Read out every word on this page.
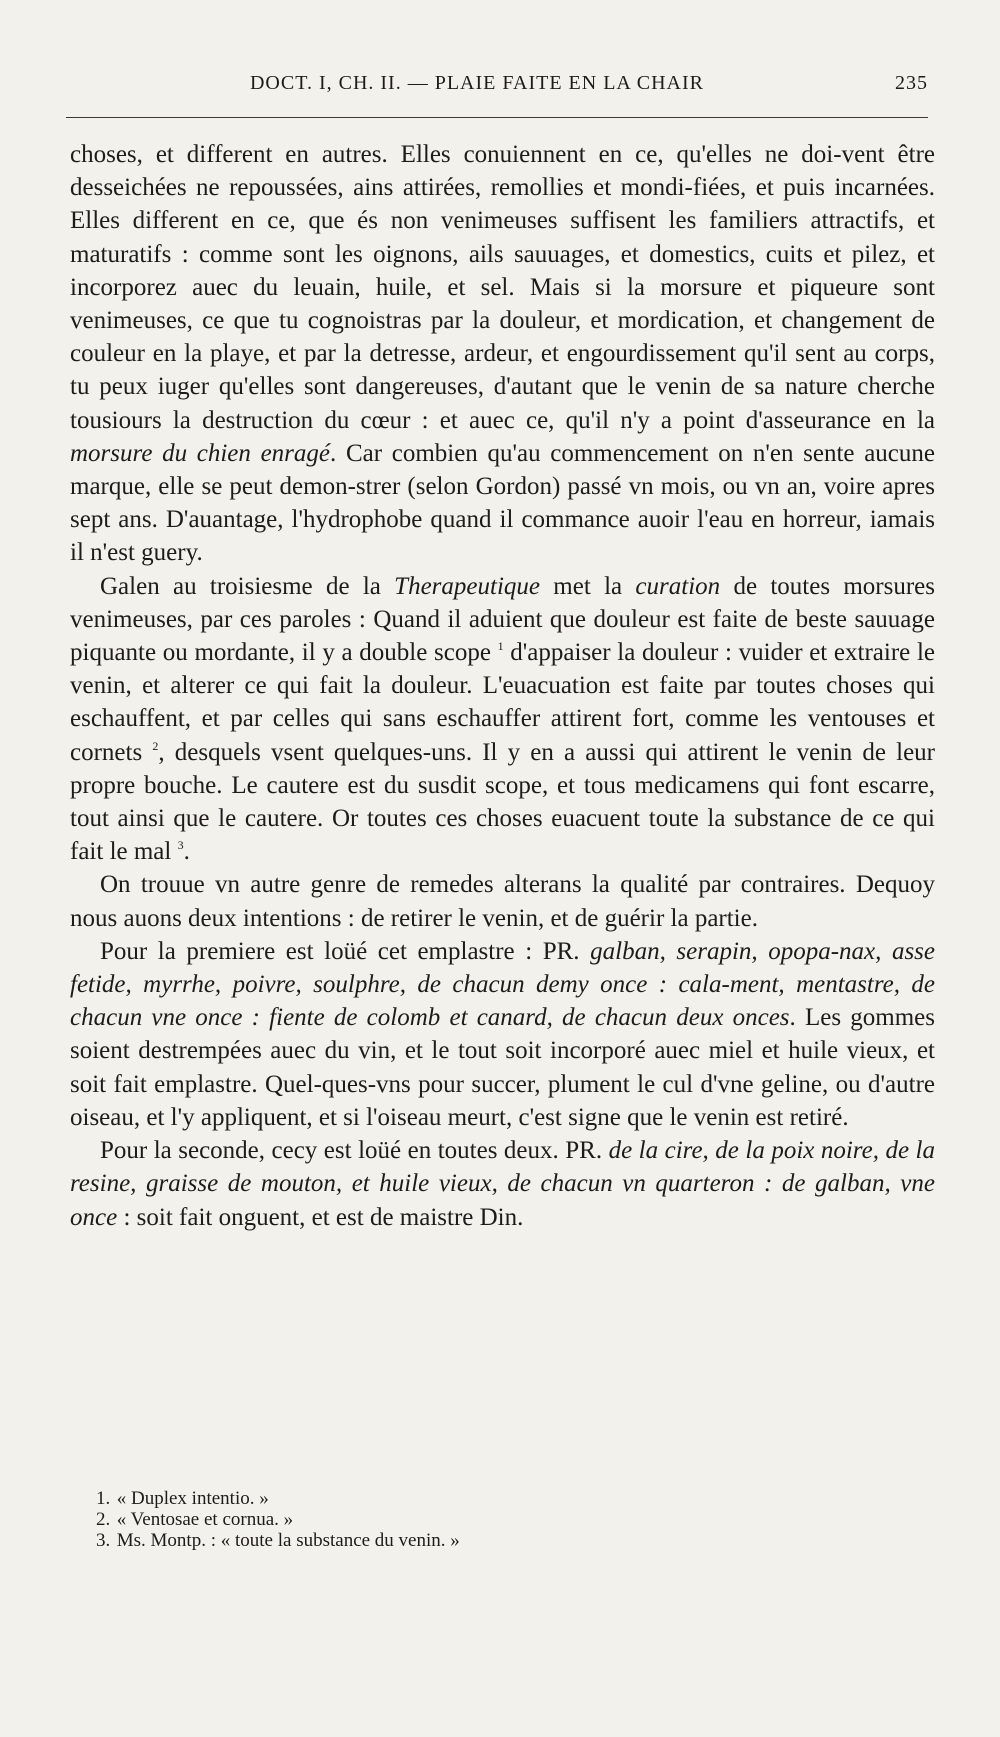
DOCT. I, CH. II. — PLAIE FAITE EN LA CHAIR	235

choses, et different en autres. Elles conuiennent en ce, qu'elles ne doi-vent être desseichées ne repoussées, ains attirées, remollies et mondi-fiées, et puis incarnées. Elles different en ce, que és non venimeuses suffisent les familiers attractifs, et maturatifs : comme sont les oignons, ails sauuages, et domestics, cuits et pilez, et incorporez auec du leuain, huile, et sel. Mais si la morsure et piqueure sont venimeuses, ce que tu cognoistras par la douleur, et mordication, et changement de couleur en la playe, et par la detresse, ardeur, et engourdissement qu'il sent au corps, tu peux iuger qu'elles sont dangereuses, d'autant que le venin de sa nature cherche tousiours la destruction du cœur : et auec ce, qu'il n'y a point d'asseurance en la morsure du chien enragé. Car combien qu'au commencement on n'en sente aucune marque, elle se peut demon-strer (selon Gordon) passé vn mois, ou vn an, voire apres sept ans. D'auantage, l'hydrophobe quand il commance auoir l'eau en horreur, iamais il n'est guery.

Galen au troisiesme de la Therapeutique met la curation de toutes morsures venimeuses, par ces paroles : Quand il aduient que douleur est faite de beste sauuage piquante ou mordante, il y a double scope $^1$ d'appaiser la douleur : vuider et extraire le venin, et alterer ce qui fait la douleur. L'euacuation est faite par toutes choses qui eschauffent, et par celles qui sans eschauffer attirent fort, comme les ventouses et cornets $^2$, desquels vsent quelques-uns. Il y en a aussi qui attirent le venin de leur propre bouche. Le cautere est du susdit scope, et tous medicamens qui font escarre, tout ainsi que le cautere. Or toutes ces choses euacuent toute la substance de ce qui fait le mal $^3$.

On trouue vn autre genre de remedes alterans la qualité par contraires. Dequoy nous auons deux intentions : de retirer le venin, et de guérir la partie.

Pour la premiere est loüé cet emplastre : PR. galban, serapin, opopa-nax, asse fetide, myrrhe, poivre, soulphre, de chacun demy once : cala-ment, mentastre, de chacun vne once : fiente de colomb et canard, de chacun deux onces. Les gommes soient destrempées auec du vin, et le tout soit incorporé auec miel et huile vieux, et soit fait emplastre. Quel-ques-vns pour succer, plument le cul d'vne geline, ou d'autre oiseau, et l'y appliquent, et si l'oiseau meurt, c'est signe que le venin est retiré.

Pour la seconde, cecy est loüé en toutes deux. PR. de la cire, de la poix noire, de la resine, graisse de mouton, et huile vieux, de chacun vn quarteron : de galban, vne once : soit fait onguent, et est de maistre Din.

1. « Duplex intentio. »
2. « Ventosae et cornua. »
3. Ms. Montp. : « toute la substance du venin. »
